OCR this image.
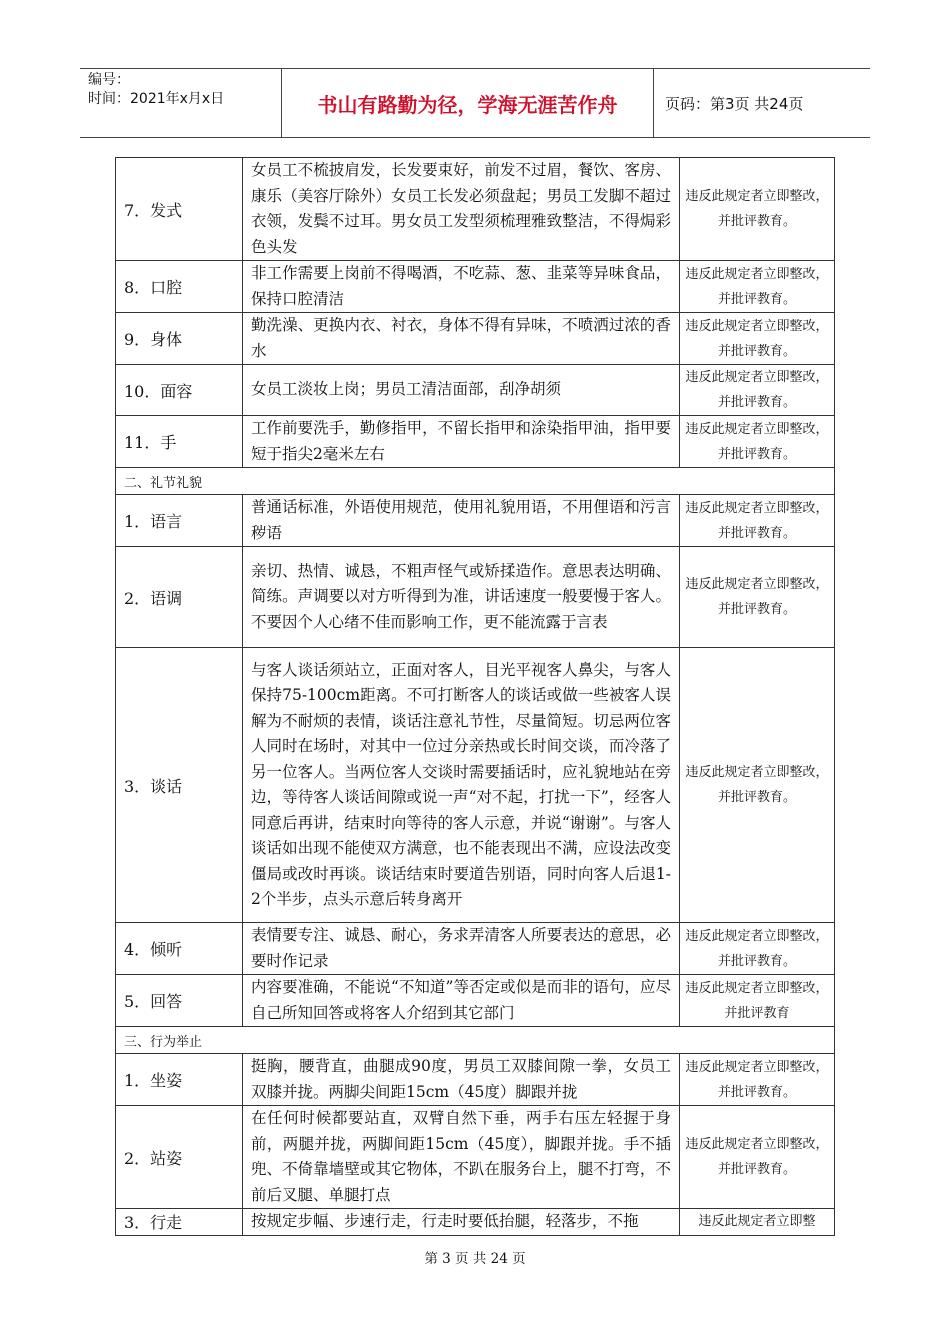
编号：
时间：2021年x月x日	书山有路勤为径，学海无涯苦作舟	页码：第3页 共24页
7．发式	女员工不梳披肩发，长发要束好，前发不过眉，餐饮、客房、康乐（美容厅除外）女员工长发必须盘起；男员工发脚不超过衣领，发鬓不过耳。男女员工发型须梳理雅致整洁，不得焗彩色头发	违反此规定者立即整改，并批评教育。
8．口腔	非工作需要上岗前不得喝酒，不吃蒜、葱、韭菜等异味食品，保持口腔清洁	违反此规定者立即整改，并批评教育。
9．身体	勤洗澡、更换内衣、衬衣，身体不得有异味，不喷洒过浓的香水	违反此规定者立即整改，并批评教育。
10．面容	女员工淡妆上岗；男员工清洁面部，刮净胡须	违反此规定者立即整改，并批评教育。
11．手	工作前要洗手，勤修指甲，不留长指甲和涂染指甲油，指甲要短于指尖2毫米左右	违反此规定者立即整改，并批评教育。
二、礼节礼貌		
1．语言	普通话标准，外语使用规范，使用礼貌用语，不用俚语和污言秽语	违反此规定者立即整改，并批评教育。
2．语调	亲切、热情、诚恳，不粗声怪气或矫揉造作。意思表达明确、简练。声调要以对方听得到为准，讲话速度一般要慢于客人。不要因个人心绪不佳而影响工作，更不能流露于言表	违反此规定者立即整改，并批评教育。
3．谈话	与客人谈话须站立，正面对客人，目光平视客人鼻尖，与客人保持75-100cm距离。不可打断客人的谈话或做一些被客人误解为不耐烦的表情，谈话注意礼节性，尽量简短。切忌两位客人同时在场时，对其中一位过分亲热或长时间交谈，而冷落了另一位客人。当两位客人交谈时需要插话时，应礼貌地站在旁边，等待客人谈话间隙或说一声“对不起，打扰一下”，经客人同意后再讲，结束时向等待的客人示意，并说“谢谢”。与客人谈话如出现不能使双方满意，也不能表现出不满，应设法改变僵局或改时再谈。谈话结束时要道告别语，同时向客人后退1-2个半步，点头示意后转身离开	违反此规定者立即整改，并批评教育。
4．倾听	表情要专注、诚恳、耐心，务求弄清客人所要表达的意思，必要时作记录	违反此规定者立即整改，并批评教育。
5．回答	内容要准确，不能说“不知道”等否定或似是而非的语句，应尽自己所知回答或将客人介绍到其它部门	违反此规定者立即整改，并批评教育
三、行为举止		
1．坐姿	挺胸，腰背直，曲腿成90度，男员工双膝间隙一拳，女员工双膝并拢。两脚尖间距15cm（45度）脚跟并拢	违反此规定者立即整改，并批评教育。
2．站姿	在任何时候都要站直，双臂自然下垂，两手右压左轻握于身前，两腿并拢，两脚间距15cm（45度），脚跟并拢。手不插兜、不倚靠墙壁或其它物体，不趴在服务台上，腿不打弯，不前后叉腿、单腿打点	违反此规定者立即整改，并批评教育。
3．行走	按规定步幅、步速行走，行走时要低抬腿，轻落步，不拖	违反此规定者立即整
第 3 页 共 24 页
